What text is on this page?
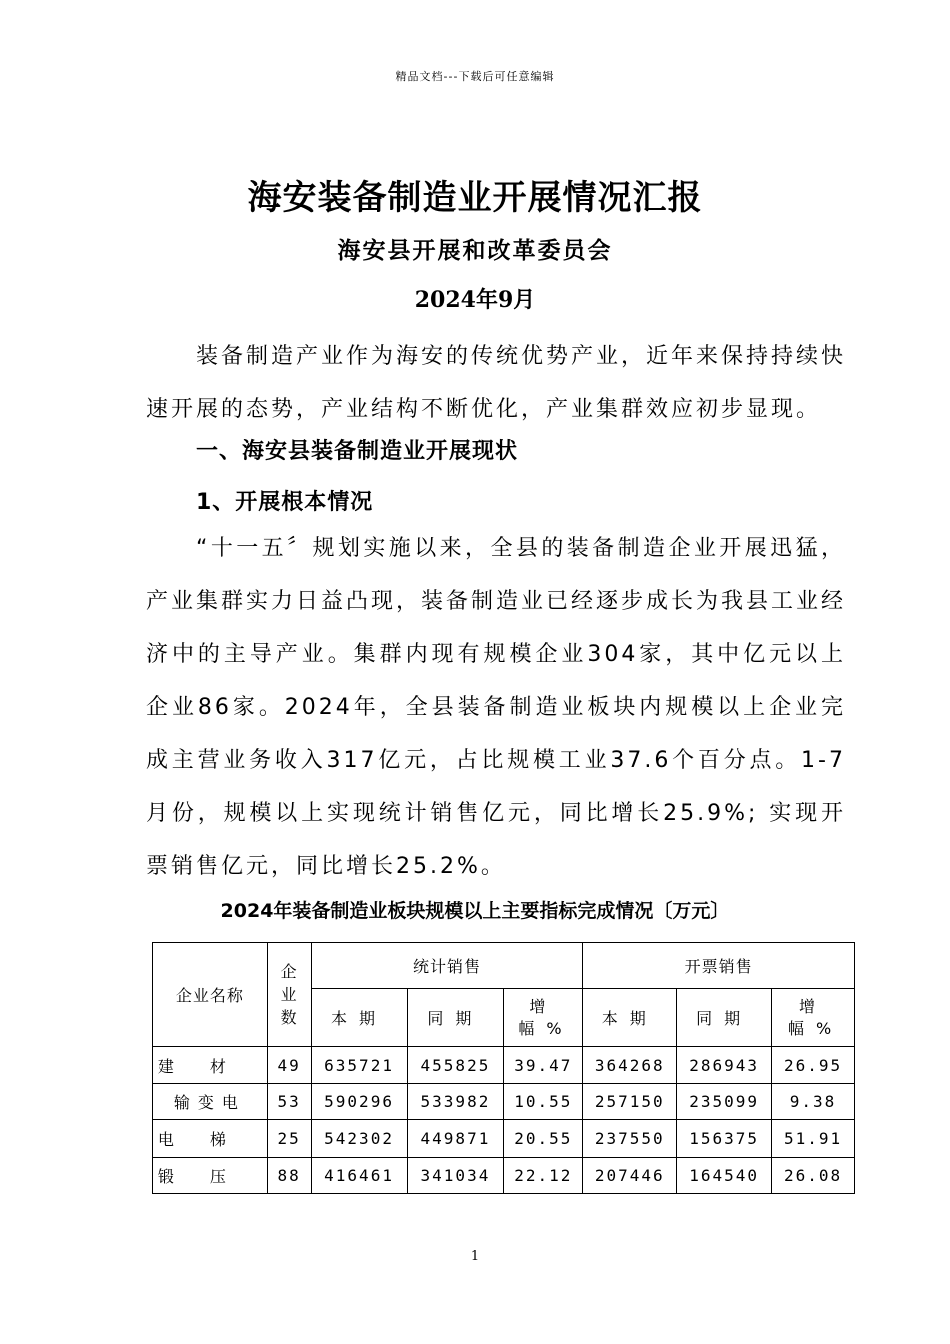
精品文档---下载后可任意编辑
海安装备制造业开展情况汇报
海安县开展和改革委员会
2024年9月
装备制造产业作为海安的传统优势产业，近年来保持持续快速开展的态势，产业结构不断优化，产业集群效应初步显现。
一、海安县装备制造业开展现状
1、开展根本情况
“十一五〞规划实施以来，全县的装备制造企业开展迅猛，产业集群实力日益凸现，装备制造业已经逐步成长为我县工业经济中的主导产业。集群内现有规模企业304家，其中亿元以上企业86家。2024年，全县装备制造业板块内规模以上企业完成主营业务收入317亿元，占比规模工业37.6个百分点。1-7月份，规模以上实现统计销售亿元，同比增长25.9%; 实现开票销售亿元，同比增长25.2%。
2024年装备制造业板块规模以上主要指标完成情况〔万元〕
企业名称	企业数	统计销售			开票销售		
		本期	同期	增幅%	本期	同期	增幅%
建材	49	635721	455825	39.47	364268	286943	26.95
输变电	53	590296	533982	10.55	257150	235099	9.38
电梯	25	542302	449871	20.55	237550	156375	51.91
锻压	88	416461	341034	22.12	207446	164540	26.08
1
